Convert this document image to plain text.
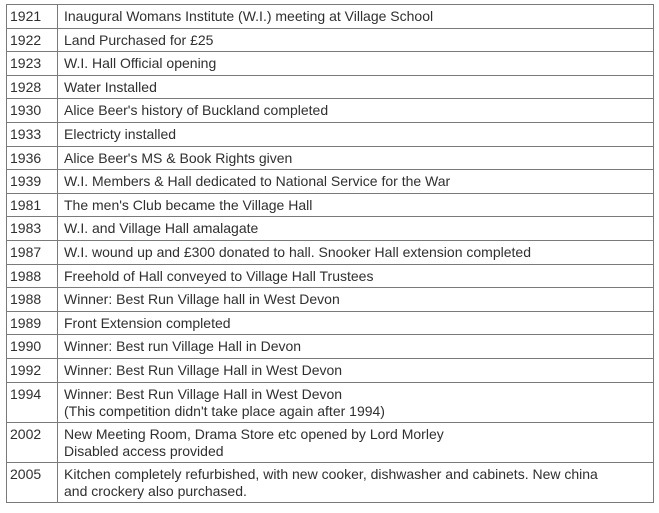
1921	Inaugural Womans Institute (W.I.) meeting at Village School

1922	Land Purchased for £25

1923	W.I. Hall Official opening

1928	Water Installed

1930	Alice Beer's history of Buckland completed

1933	Electricty installed

1936	Alice Beer's MS & Book Rights given

1939	W.I. Members & Hall dedicated to National Service for the War

1981	The men's Club became the Village Hall

1983	W.I. and Village Hall amalagate

1987	W.I. wound up and £300 donated to hall. Snooker Hall extension completed

1988	Freehold of Hall conveyed to Village Hall Trustees

1988	Winner: Best Run Village hall in West Devon

1989	Front Extension completed

1990	Winner: Best run Village Hall in Devon

1992	Winner: Best Run Village Hall in West Devon

1994	Winner: Best Run Village Hall in West Devon
(This competition didn't take place again after 1994)

2002	New Meeting Room, Drama Store etc opened by Lord Morley
Disabled access provided

2005	Kitchen completely refurbished, with new cooker, dishwasher and cabinets. New china
and crockery also purchased.
